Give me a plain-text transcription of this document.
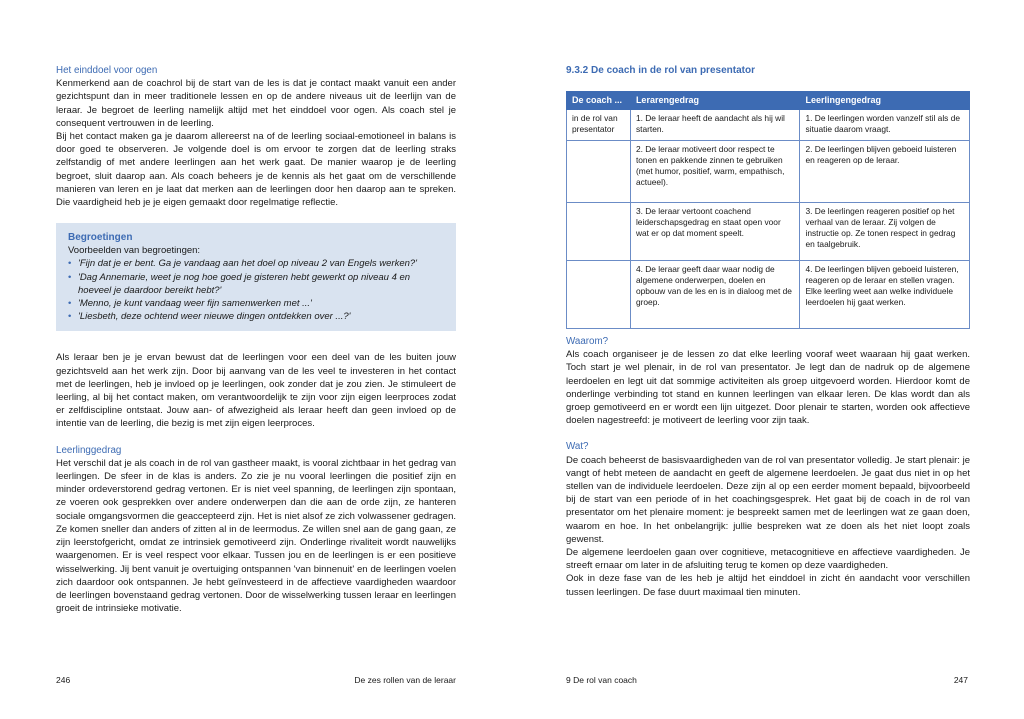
Het einddoel voor ogen

Kenmerkend aan de coachrol bij de start van de les is dat je contact maakt vanuit een ander gezichtspunt dan in meer traditionele lessen en op de andere niveaus uit de leerlijn van de leraar. Je begroet de leerling namelijk altijd met het einddoel voor ogen. Als coach stel je consequent vertrouwen in de leerling.

Bij het contact maken ga je daarom allereerst na of de leerling sociaal-emotioneel in balans is door goed te observeren. Je volgende doel is om ervoor te zorgen dat de leerling straks zelfstandig of met andere leerlingen aan het werk gaat. De manier waarop je de leerling begroet, sluit daarop aan. Als coach beheers je de kennis als het gaat om de verschillende manieren van leren en je laat dat merken aan de leerlingen door hen daarop aan te spreken. Die vaardigheid heb je je eigen gemaakt door regelmatige reflectie.

Begroetingen
Voorbeelden van begroetingen:
• 'Fijn dat je er bent. Ga je vandaag aan het doel op niveau 2 van Engels werken?'
• 'Dag Annemarie, weet je nog hoe goed je gisteren hebt gewerkt op niveau 4 en hoeveel je daardoor bereikt hebt?'
• 'Menno, je kunt vandaag weer fijn samenwerken met ...'
• 'Liesbeth, deze ochtend weer nieuwe dingen ontdekken over ...?'

Als leraar ben je je ervan bewust dat de leerlingen voor een deel van de les buiten jouw gezichtsveld aan het werk zijn. Door bij aanvang van de les veel te investeren in het contact met de leerlingen, heb je invloed op je leerlingen, ook zonder dat je zou zien. Je stimuleert de leerling, al bij het contact maken, om verantwoordelijk te zijn voor zijn eigen leerproces zodat er zelfdiscipline ontstaat. Jouw aan- of afwezigheid als leraar heeft dan geen invloed op de intentie van de leerling, die bezig is met zijn eigen leerproces.

Leerlinggedrag

Het verschil dat je als coach in de rol van gastheer maakt, is vooral zichtbaar in het gedrag van leerlingen. De sfeer in de klas is anders. Zo zie je nu vooral leerlingen die positief zijn en minder ordeverstorend gedrag vertonen. Er is niet veel spanning, de leerlingen zijn spontaan, ze voeren ook gesprekken over andere onderwerpen dan die aan de orde zijn, ze hanteren sociale omgangsvormen die geaccepteerd zijn. Het is niet alsof ze zich volwassener gedragen. Ze komen sneller dan anders of zitten al in de leermodus. Ze willen snel aan de gang gaan, ze zijn leerstofgericht, omdat ze intrinsiek gemotiveerd zijn. Onderlinge rivaliteit wordt nauwelijks waargenomen. Er is veel respect voor elkaar. Tussen jou en de leerlingen is er een positieve wisselwerking. Jij bent vanuit je overtuiging ontspannen 'van binnenuit' en de leerlingen voelen zich daardoor ook ontspannen. Je hebt geïnvesteerd in de affectieve vaardigheden waardoor de leerlingen bovenstaand gedrag vertonen. Door de wisselwerking tussen leraar en leerlingen groeit de intrinsieke motivatie.

246	De zes rollen van de leraar
9.3.2 De coach in de rol van presentator
De coach ...	Lerarengedrag	Leerlingengedrag
in de rol van presentator	1. De leraar heeft de aandacht als hij wil starten.	1. De leerlingen worden vanzelf stil als de situatie daarom vraagt.
	2. De leraar motiveert door respect te tonen en pakkende zinnen te gebruiken (met humor, positief, warm, empathisch, actueel).	2. De leerlingen blijven geboeid luisteren en reageren op de leraar.
	3. De leraar vertoont coachend leiderschapsgedrag en staat open voor wat er op dat moment speelt.	3. De leerlingen reageren positief op het verhaal van de leraar. Zij volgen de instructie op. Ze tonen respect in gedrag en taalgebruik.
	4. De leraar geeft daar waar nodig de algemene onderwerpen, doelen en opbouw van de les en is in dialoog met de groep.	4. De leerlingen blijven geboeid luisteren, reageren op de leraar en stellen vragen. Elke leerling weet aan welke individuele leerdoelen hij gaat werken.
Waarom?

Als coach organiseer je de lessen zo dat elke leerling vooraf weet waaraan hij gaat werken. Toch start je wel plenair, in de rol van presentator. Je legt dan de nadruk op de algemene leerdoelen en legt uit dat sommige activiteiten als groep uitgevoerd worden. Hierdoor komt de onderlinge verbinding tot stand en kunnen leerlingen van elkaar leren. De klas wordt dan als groep gemotiveerd en er wordt een lijn uitgezet. Door plenair te starten, worden ook affectieve doelen nagestreefd: je motiveert de leerling voor zijn taak.

Wat?

De coach beheerst de basisvaardigheden van de rol van presentator volledig. Je start plenair: je vangt of hebt meteen de aandacht en geeft de algemene leerdoelen. Je gaat dus niet in op het stellen van de individuele leerdoelen. Deze zijn al op een eerder moment bepaald, bijvoorbeeld bij de start van een periode of in het coachingsgesprek. Het gaat bij de coach in de rol van presentator om het plenaire moment: je bespreekt samen met de leerlingen wat ze gaan doen, waarom en hoe. In het onbelangrijk: jullie bespreken wat ze doen als het niet loopt zoals gewenst.

De algemene leerdoelen gaan over cognitieve, metacognitieve en affectieve vaardigheden. Je streeft ernaar om later in de afsluiting terug te komen op deze vaardigheden.

Ook in deze fase van de les heb je altijd het einddoel in zicht én aandacht voor verschillen tussen leerlingen. De fase duurt maximaal tien minuten.

9 De rol van coach	247
